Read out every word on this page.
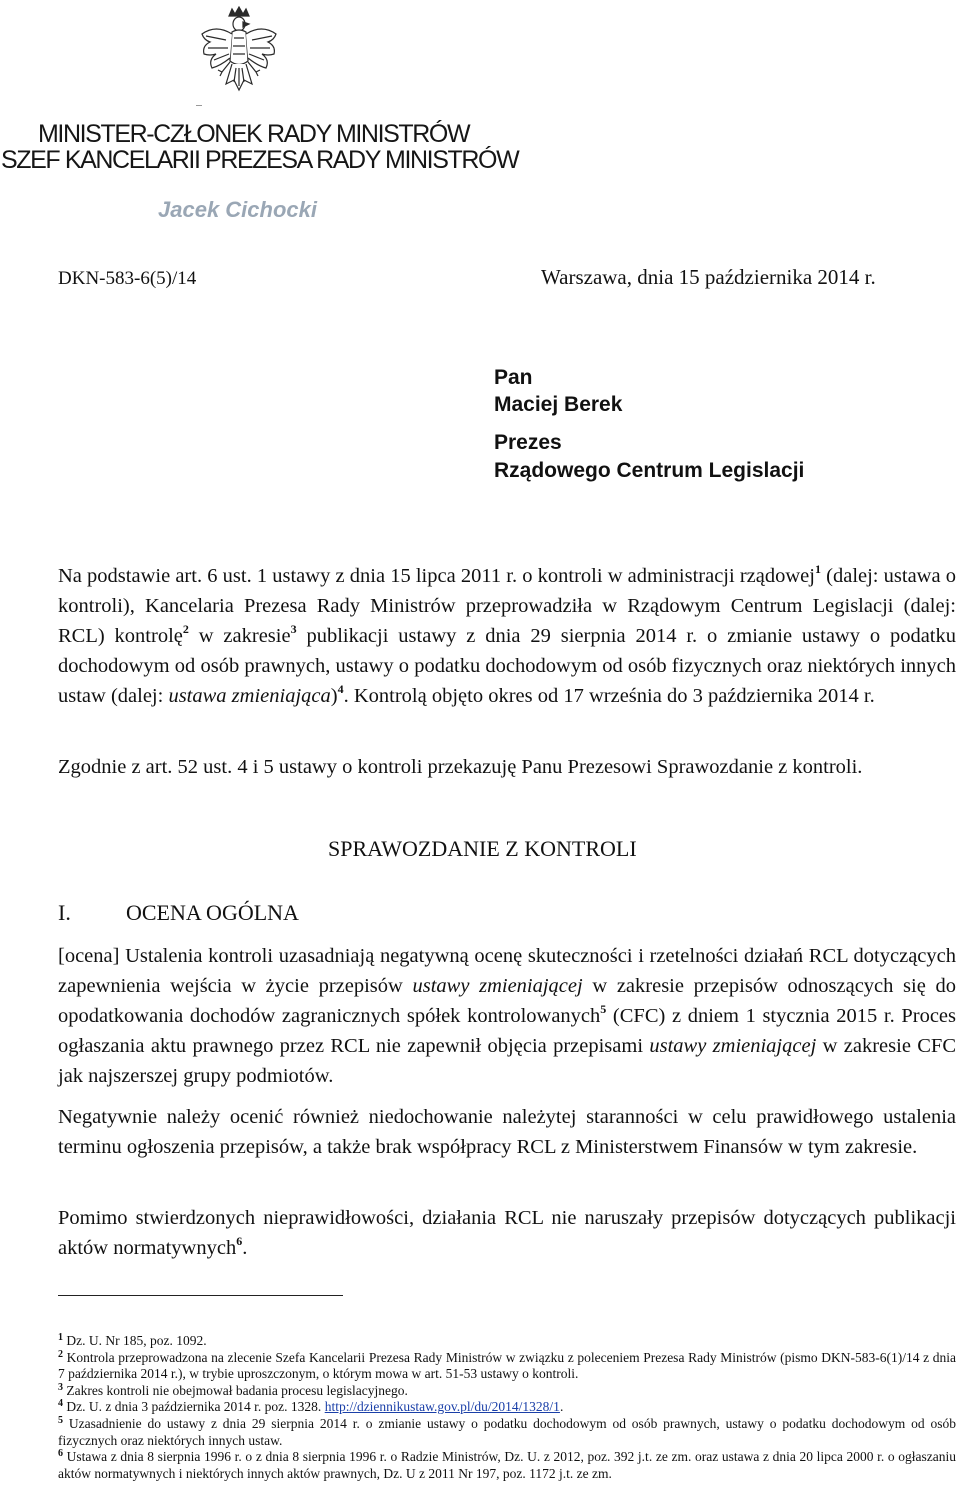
MINISTER-CZŁONEK RADY MINISTRÓW
SZEF KANCELARII PREZESA RADY MINISTRÓW
Jacek Cichocki
DKN-583-6(5)/14	Warszawa, dnia 15 października 2014 r.
Pan
Maciej Berek
Prezes
Rządowego Centrum Legislacji

Na podstawie art. 6 ust. 1 ustawy z dnia 15 lipca 2011 r. o kontroli w administracji rządowej$^1$ (dalej: ustawa o kontroli), Kancelaria Prezesa Rady Ministrów przeprowadziła w Rządowym Centrum Legislacji (dalej: RCL) kontrolę$^2$ w zakresie$^3$ publikacji ustawy z dnia 29 sierpnia 2014 r. o zmianie ustawy o podatku dochodowym od osób prawnych, ustawy o podatku dochodowym od osób fizycznych oraz niektórych innych ustaw (dalej: ustawa zmieniająca)$^4$. Kontrolą objęto okres od 17 września do 3 października 2014 r.

Zgodnie z art. 52 ust. 4 i 5 ustawy o kontroli przekazuję Panu Prezesowi Sprawozdanie z kontroli.

SPRAWOZDANIE Z KONTROLI
I.	OCENA OGÓLNA

[ocena] Ustalenia kontroli uzasadniają negatywną ocenę skuteczności i rzetelności działań RCL dotyczących zapewnienia wejścia w życie przepisów ustawy zmieniającej w zakresie przepisów odnoszących się do opodatkowania dochodów zagranicznych spółek kontrolowanych$^5$ (CFC) z dniem 1 stycznia 2015 r. Proces ogłaszania aktu prawnego przez RCL nie zapewnił objęcia przepisami ustawy zmieniającej w zakresie CFC jak najszerszej grupy podmiotów.

Negatywnie należy ocenić również niedochowanie należytej staranności w celu prawidłowego ustalenia terminu ogłoszenia przepisów, a także brak współpracy RCL z Ministerstwem Finansów w tym zakresie.

Pomimo stwierdzonych nieprawidłowości, działania RCL nie naruszały przepisów dotyczących publikacji aktów normatywnych$^6$.

$^1$ Dz. U. Nr 185, poz. 1092.

$^2$ Kontrola przeprowadzona na zlecenie Szefa Kancelarii Prezesa Rady Ministrów w związku z poleceniem Prezesa Rady Ministrów (pismo DKN-583-6(1)/14 z dnia 7 października 2014 r.), w trybie uproszczonym, o którym mowa w art. 51-53 ustawy o kontroli.

$^3$ Zakres kontroli nie obejmował badania procesu legislacyjnego.

$^4$ Dz. U. z dnia 3 października 2014 r. poz. 1328. http://dziennikustaw.gov.pl/du/2014/1328/1.

$^5$ Uzasadnienie do ustawy z dnia 29 sierpnia 2014 r. o zmianie ustawy o podatku dochodowym od osób prawnych, ustawy o podatku dochodowym od osób fizycznych oraz niektórych innych ustaw.

$^6$ Ustawa z dnia 8 sierpnia 1996 r. o z dnia 8 sierpnia 1996 r. o Radzie Ministrów, Dz. U. z 2012, poz. 392 j.t. ze zm. oraz ustawa z dnia 20 lipca 2000 r. o ogłaszaniu aktów normatywnych i niektórych innych aktów prawnych, Dz. U z 2011 Nr 197, poz. 1172 j.t. ze zm.
